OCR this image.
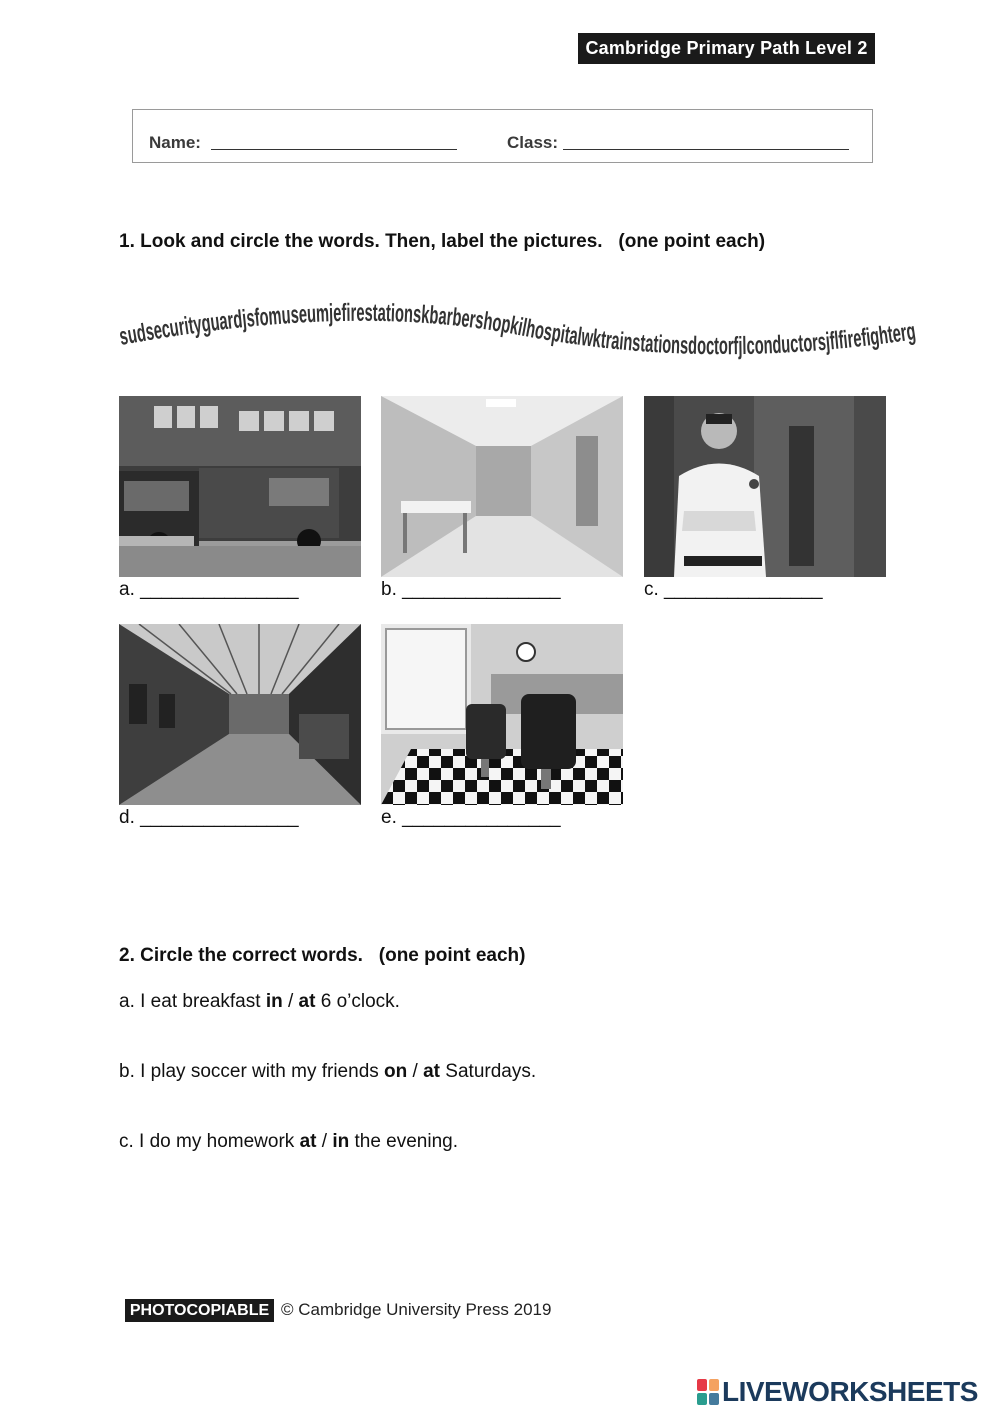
Cambridge Primary Path Level 2
Name:	Class:
1. Look and circle the words. Then, label the pictures.   (one point each)
sudsecurityguardjsfomuseumjefirestationskbarbershopkilhospitalwktrainstationsdoctorfjlconductorsjflfirefighterg
a. _______________	b. _______________	c. _______________
d. _______________	e. _______________
2. Circle the correct words.   (one point each)
a. I eat breakfast in / at 6 o’clock.
b. I play soccer with my friends on / at Saturdays.
c. I do my homework at / in the evening.
PHOTOCOPIABLE © Cambridge University Press 2019
LIVEWORKSHEETS
